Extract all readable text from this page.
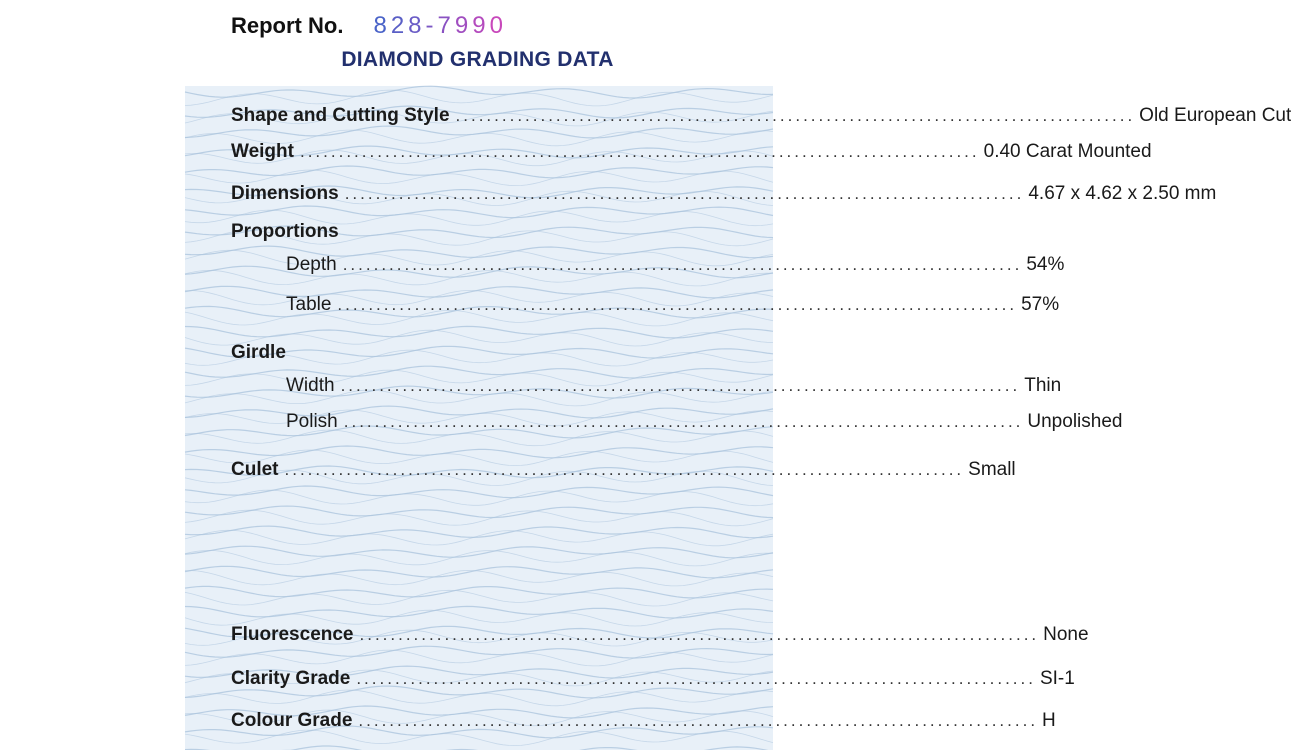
Report No. 8 2 8 - 7 9 9 0
DIAMOND GRADING DATA
Shape and Cutting Style ........................................................................................ Old European Cut
Weight ........................................................................................ 0.40 Carat Mounted
Dimensions ........................................................................................ 4.67 x 4.62 x 2.50 mm
Proportions
Depth ........................................................................................ 54%
Table ........................................................................................ 57%
Girdle
Width ........................................................................................ Thin
Polish ........................................................................................ Unpolished
Culet ........................................................................................ Small
Fluorescence ........................................................................................ None
Clarity Grade ........................................................................................ SI-1
Colour Grade ........................................................................................ H
